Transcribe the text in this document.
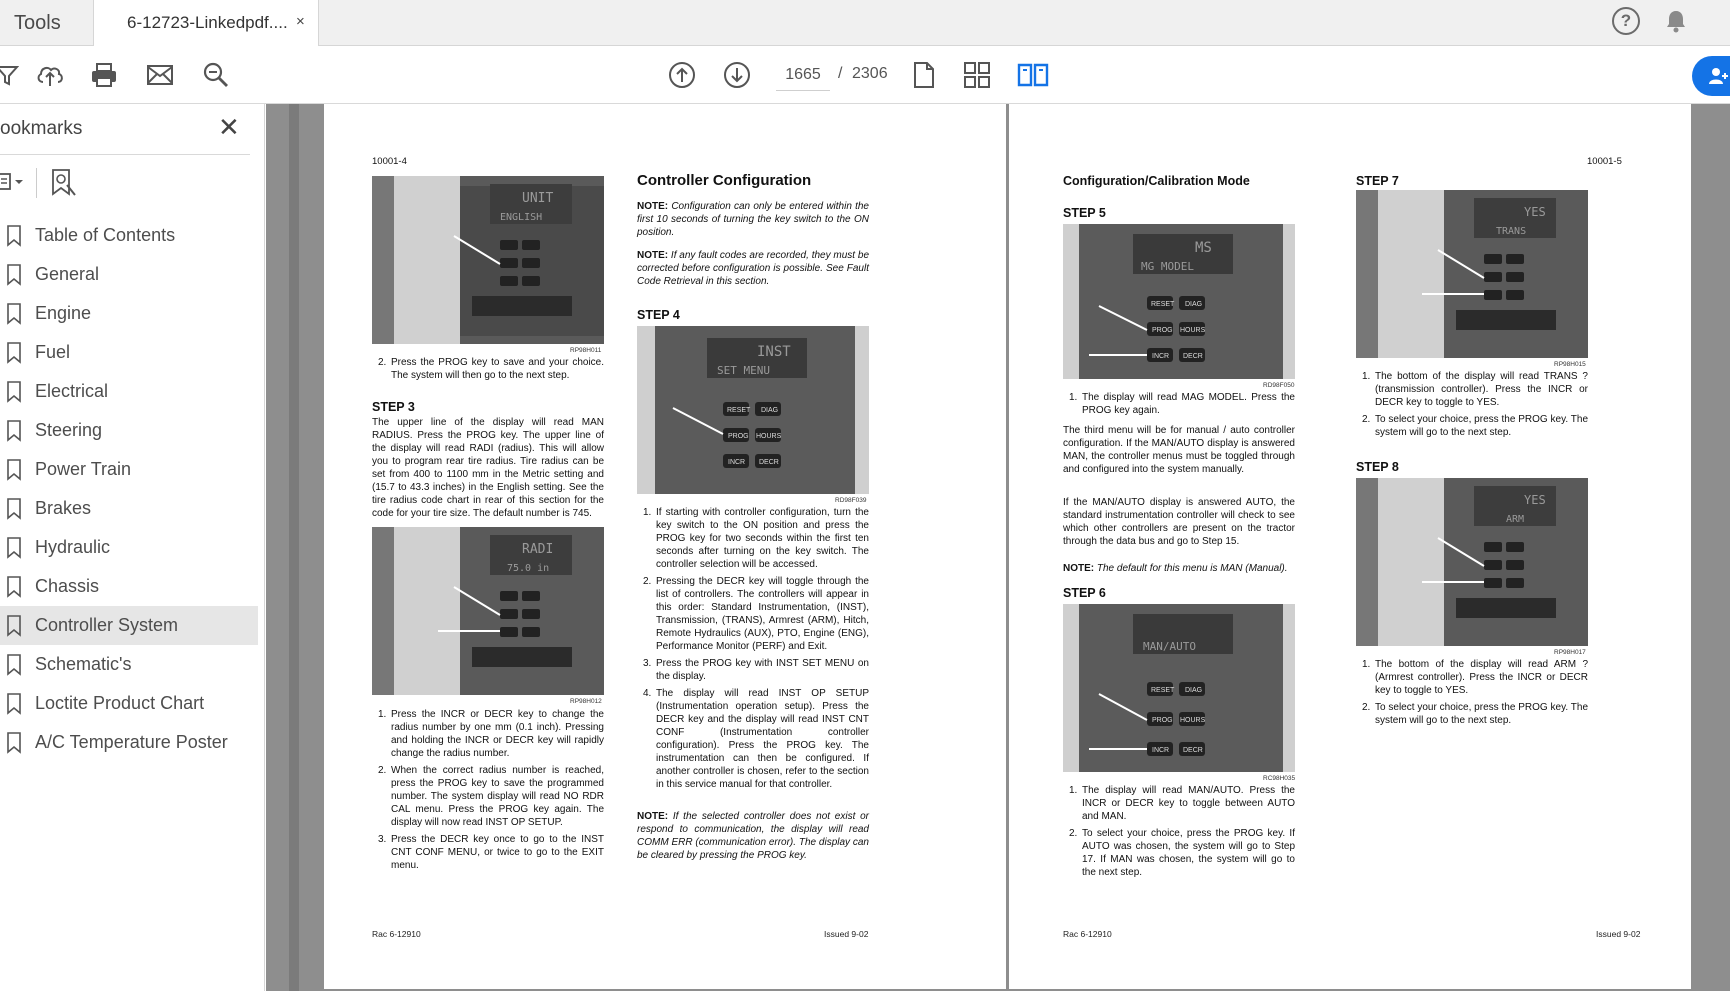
Tools	6-12723-Linkedpdf.... ×	?
1665
/ 2306
ookmarks	✕
Table of Contents
General
Engine
Fuel
Electrical
Steering
Power Train
Brakes
Hydraulic
Chassis
Controller System
Schematic's
Loctite Product Chart
A/C Temperature Poster
10001-4
UNIT
ENGLISH
RP98H011
2. Press the PROG key to save and your choice. The system will then go to the next step.
STEP 3
The upper line of the display will read MAN RADIUS. Press the PROG key. The upper line of the display will read RADI (radius). This will allow you to program rear tire radius. Tire radius can be set from 400 to 1100 mm in the Metric setting and (15.7 to 43.3 inches) in the English setting. See the tire radius code chart in rear of this section for the code for your tire size. The default number is 745.
RADI
75.0 in
RP98H012
1. Press the INCR or DECR key to change the radius number by one mm (0.1 inch). Pressing and holding the INCR or DECR key will rapidly change the radius number.
2. When the correct radius number is reached, press the PROG key to save the programmed number. The system display will read NO RDR CAL menu. Press the PROG key again. The display will now read INST OP SETUP.
3. Press the DECR key once to go to the INST CNT CONF MENU, or twice to go to the EXIT menu.
Controller Configuration
NOTE: Configuration can only be entered within the first 10 seconds of turning the key switch to the ON position.
NOTE: If any fault codes are recorded, they must be corrected before configuration is possible. See Fault Code Retrieval in this section.
STEP 4
INST
SET MENU
RESET DIAG
PROG HOURS
INCR DECR
RD98F039
1. If starting with controller configuration, turn the key switch to the ON position and press the PROG key for two seconds within the first ten seconds after turning on the key switch. The controller selection will be accessed.
2. Pressing the DECR key will toggle through the list of controllers. The controllers will appear in this order: Standard Instrumentation, (INST), Transmission, (TRANS), Armrest (ARM), Hitch, Remote Hydraulics (AUX), PTO, Engine (ENG), Performance Monitor (PERF) and Exit.
3. Press the PROG key with INST SET MENU on the display.
4. The display will read INST OP SETUP (Instrumentation operation setup). Press the DECR key and the display will read INST CNT CONF (Instrumentation controller configuration). Press the PROG key. The instrumentation can then be configured. If another controller is chosen, refer to the section in this service manual for that controller.
NOTE: If the selected controller does not exist or respond to communication, the display will read COMM ERR (communication error). The display can be cleared by pressing the PROG key.
Rac 6-12910	Issued 9-02
10001-5
Configuration/Calibration Mode
STEP 5
MS
MG MODEL
RESET DIAG
PROG HOURS
INCR DECR
RD98F050
1. The display will read MAG MODEL. Press the PROG key again.
The third menu will be for manual / auto controller configuration. If the MAN/AUTO display is answered MAN, the controller menus must be toggled through and configured into the system manually.
If the MAN/AUTO display is answered AUTO, the standard instrumentation controller will check to see which other controllers are present on the tractor through the data bus and go to Step 15.
NOTE: The default for this menu is MAN (Manual).
STEP 6
MAN/AUTO
RESET DIAG
PROG HOURS
INCR DECR
RC98H035
1. The display will read MAN/AUTO. Press the INCR or DECR key to toggle between AUTO and MAN.
2. To select your choice, press the PROG key. If AUTO was chosen, the system will go to Step 17. If MAN was chosen, the system will go to the next step.
STEP 7
YES
TRANS
RP98H015
1. The bottom of the display will read TRANS ? (transmission controller). Press the INCR or DECR key to toggle to YES.
2. To select your choice, press the PROG key. The system will go to the next step.
STEP 8
YES
ARM
RP98H017
1. The bottom of the display will read ARM ? (Armrest controller). Press the INCR or DECR key to toggle to YES.
2. To select your choice, press the PROG key. The system will go to the next step.
Rac 6-12910	Issued 9-02
